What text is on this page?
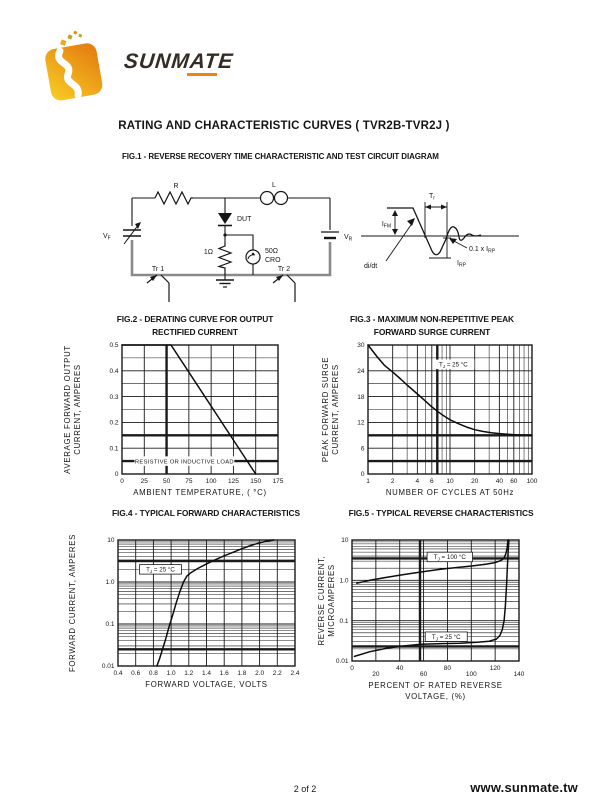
SUNMATE
RATING AND CHARACTERISTIC CURVES ( TVR2B-TVR2J )
FIG.1 - REVERSE RECOVERY TIME CHARACTERISTIC AND TEST CIRCUIT DIAGRAM
R	L
$V_F$	$V_R$
DUT
1Ω	50Ω
CRO
Tr 1	Tr 2
$T_r$
$I_{FM}$
di/dt
0.1 x $I_{RP}$
$I_{RP}$
FIG.2 - DERATING CURVE FOR OUTPUT
RECTIFIED CURRENT
FIG.3 - MAXIMUM NON-REPETITIVE PEAK
FORWARD SURGE CURRENT
FIG.4 - TYPICAL FORWARD CHARACTERISTICS	FIG.5 - TYPICAL REVERSE CHARACTERISTICS
RESISTIVE OR INDUCTIVE LOAD
0	25 50 75 100 125 150 175
0
0.1
0.2
0.3
0.4
0.5
AMBIENT TEMPERATURE, ( °C)
AVERAGE FORWARD OUTPUT CURRENT, AMPERES	$T_J = 25$ °C
1	2	4 6 10	20	40 60 100
0
6
12
18
24
30
NUMBER OF CYCLES AT 50Hz
PEAK FORWARD SURGE CURRENT, AMPERES
$T_J = 25$ °C
0.4 0.6 0.8 1.0 1.2 1.4 1.6 1.8 2.0 2.2 2.4
0.01
0.1
1.0
10
FORWARD VOLTAGE, VOLTS
FORWARD CURRENT, AMPERES	$T_J = 100$ °C
$T_J = 25$ °C
0
20
40
60
80
100
120
140
0.01
0.1
1.0
10
PERCENT OF RATED REVERSE
VOLTAGE, (%)
REVERSE CURRENT, MICROAMPERES
2 of 2	www.sunmate.tw
